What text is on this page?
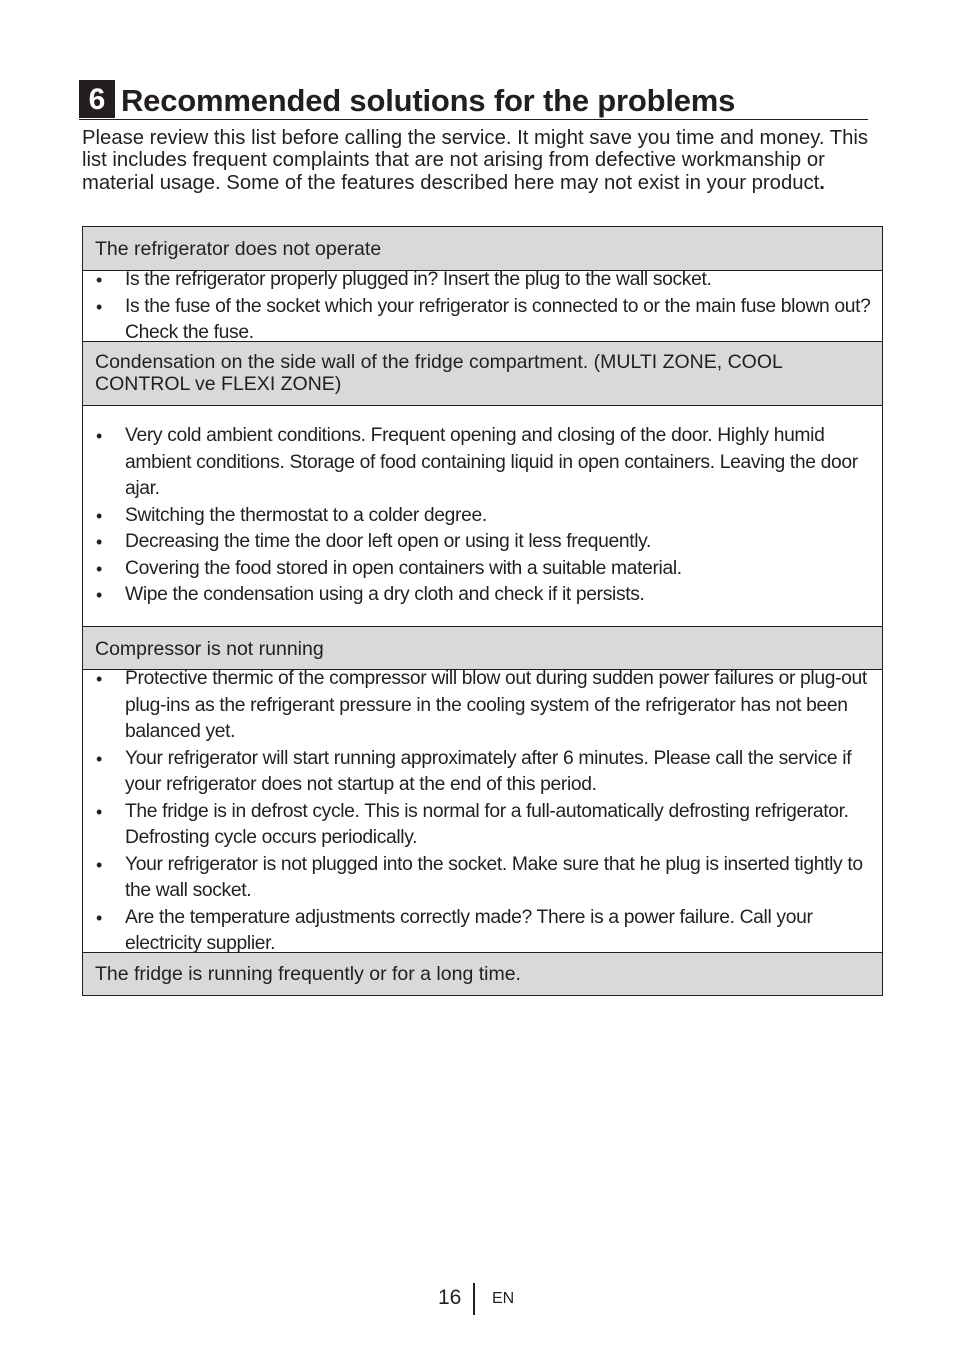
6 Recommended solutions for the problems

Please review this list before calling the service. It might save you time and money. This list includes frequent complaints that are not arising from defective workmanship or material usage. Some of the features described here may not exist in your product.

The refrigerator does not operate
• Is the refrigerator properly plugged in? Insert the plug to the wall socket.
• Is the fuse of the socket which your refrigerator is connected to or the main fuse blown out? Check the fuse.
Condensation on the side wall of the fridge compartment. (MULTI ZONE, COOL CONTROL ve FLEXI ZONE)
• Very cold ambient conditions. Frequent opening and closing of the door. Highly humid ambient conditions. Storage of food containing liquid in open containers. Leaving the door ajar.
• Switching the thermostat to a colder degree.
• Decreasing the time the door left open or using it less frequently.
• Covering the food stored in open containers with a suitable material.
• Wipe the condensation using a dry cloth and check if it persists.
Compressor is not running
• Protective thermic of the compressor will blow out during sudden power failures or plug-out plug-ins as the refrigerant pressure in the cooling system of the refrigerator has not been balanced yet.
• Your refrigerator will start running approximately after 6 minutes. Please call the service if your refrigerator does not startup at the end of this period.
• The fridge is in defrost cycle. This is normal for a full-automatically defrosting refrigerator. Defrosting cycle occurs periodically.
• Your refrigerator is not plugged into the socket. Make sure that he plug is inserted tightly to the wall socket.
• Are the temperature adjustments correctly made? There is a power failure. Call your electricity supplier.
The fridge is running frequently or for a long time.
16 EN
